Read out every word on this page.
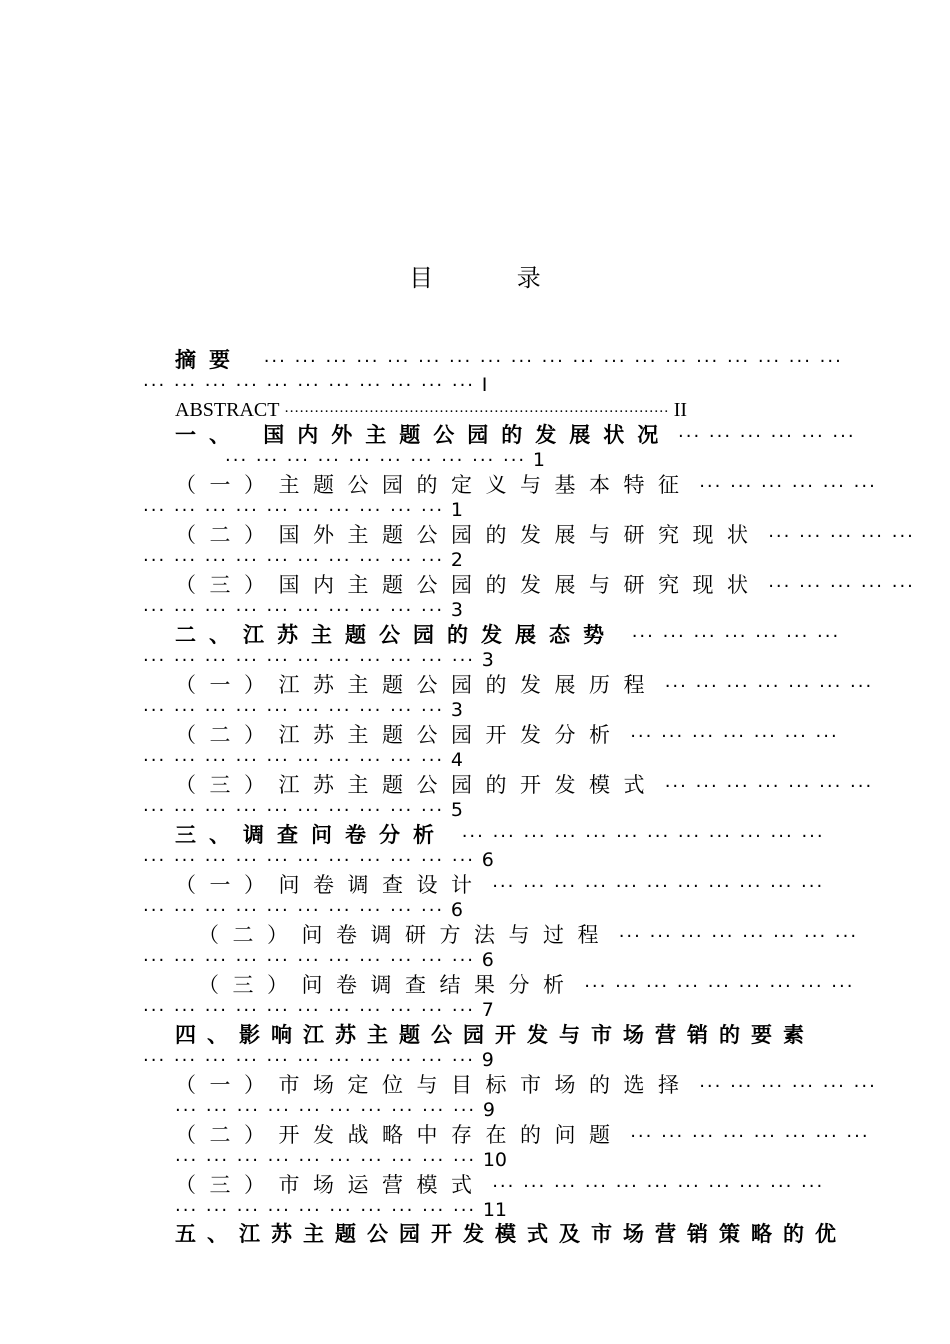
目 录
摘要 ··· ··· ··· ··· ··· ··· ··· ··· ··· ··· ··· ··· ··· ··· ··· ··· ··· ··· ···
··· ··· ··· ··· ··· ··· ··· ··· ··· ··· ··· I
ABSTRACT ············································································· II
一、 国内外主题公园的发展状况 ··· ··· ··· ··· ··· ···
··· ··· ··· ··· ··· ··· ··· ··· ··· ··· 1
（一）主题公园的定义与基本特征 ··· ··· ··· ··· ··· ···
··· ··· ··· ··· ··· ··· ··· ··· ··· ··· 1
（二）国外主题公园的发展与研究现状 ··· ··· ··· ··· ···
··· ··· ··· ··· ··· ··· ··· ··· ··· ··· 2
（三）国内主题公园的发展与研究现状 ··· ··· ··· ··· ···
··· ··· ··· ··· ··· ··· ··· ··· ··· ··· 3
二、江苏主题公园的发展态势 ··· ··· ··· ··· ··· ··· ···
··· ··· ··· ··· ··· ··· ··· ··· ··· ··· ··· 3
（一）江苏主题公园的发展历程 ··· ··· ··· ··· ··· ··· ···
··· ··· ··· ··· ··· ··· ··· ··· ··· ··· 3
（二）江苏主题公园开发分析 ··· ··· ··· ··· ··· ··· ···
··· ··· ··· ··· ··· ··· ··· ··· ··· ··· 4
（三）江苏主题公园的开发模式 ··· ··· ··· ··· ··· ··· ···
··· ··· ··· ··· ··· ··· ··· ··· ··· ··· 5
三、调查问卷分析 ··· ··· ··· ··· ··· ··· ··· ··· ··· ··· ··· ···
··· ··· ··· ··· ··· ··· ··· ··· ··· ··· ··· 6
（一）问卷调查设计 ··· ··· ··· ··· ··· ··· ··· ··· ··· ··· ···
··· ··· ··· ··· ··· ··· ··· ··· ··· ··· 6
（二）问卷调研方法与过程 ··· ··· ··· ··· ··· ··· ··· ···
··· ··· ··· ··· ··· ··· ··· ··· ··· ··· ··· 6
（三）问卷调查结果分析 ··· ··· ··· ··· ··· ··· ··· ··· ···
··· ··· ··· ··· ··· ··· ··· ··· ··· ··· ··· 7
四、影响江苏主题公园开发与市场营销的要素
··· ··· ··· ··· ··· ··· ··· ··· ··· ··· ··· 9
（一）市场定位与目标市场的选择 ··· ··· ··· ··· ··· ···
··· ··· ··· ··· ··· ··· ··· ··· ··· ··· 9
（二）开发战略中存在的问题 ··· ··· ··· ··· ··· ··· ··· ···
··· ··· ··· ··· ··· ··· ··· ··· ··· ··· 10
（三）市场运营模式 ··· ··· ··· ··· ··· ··· ··· ··· ··· ··· ···
··· ··· ··· ··· ··· ··· ··· ··· ··· ··· 11
五、江苏主题公园开发模式及市场营销策略的优
